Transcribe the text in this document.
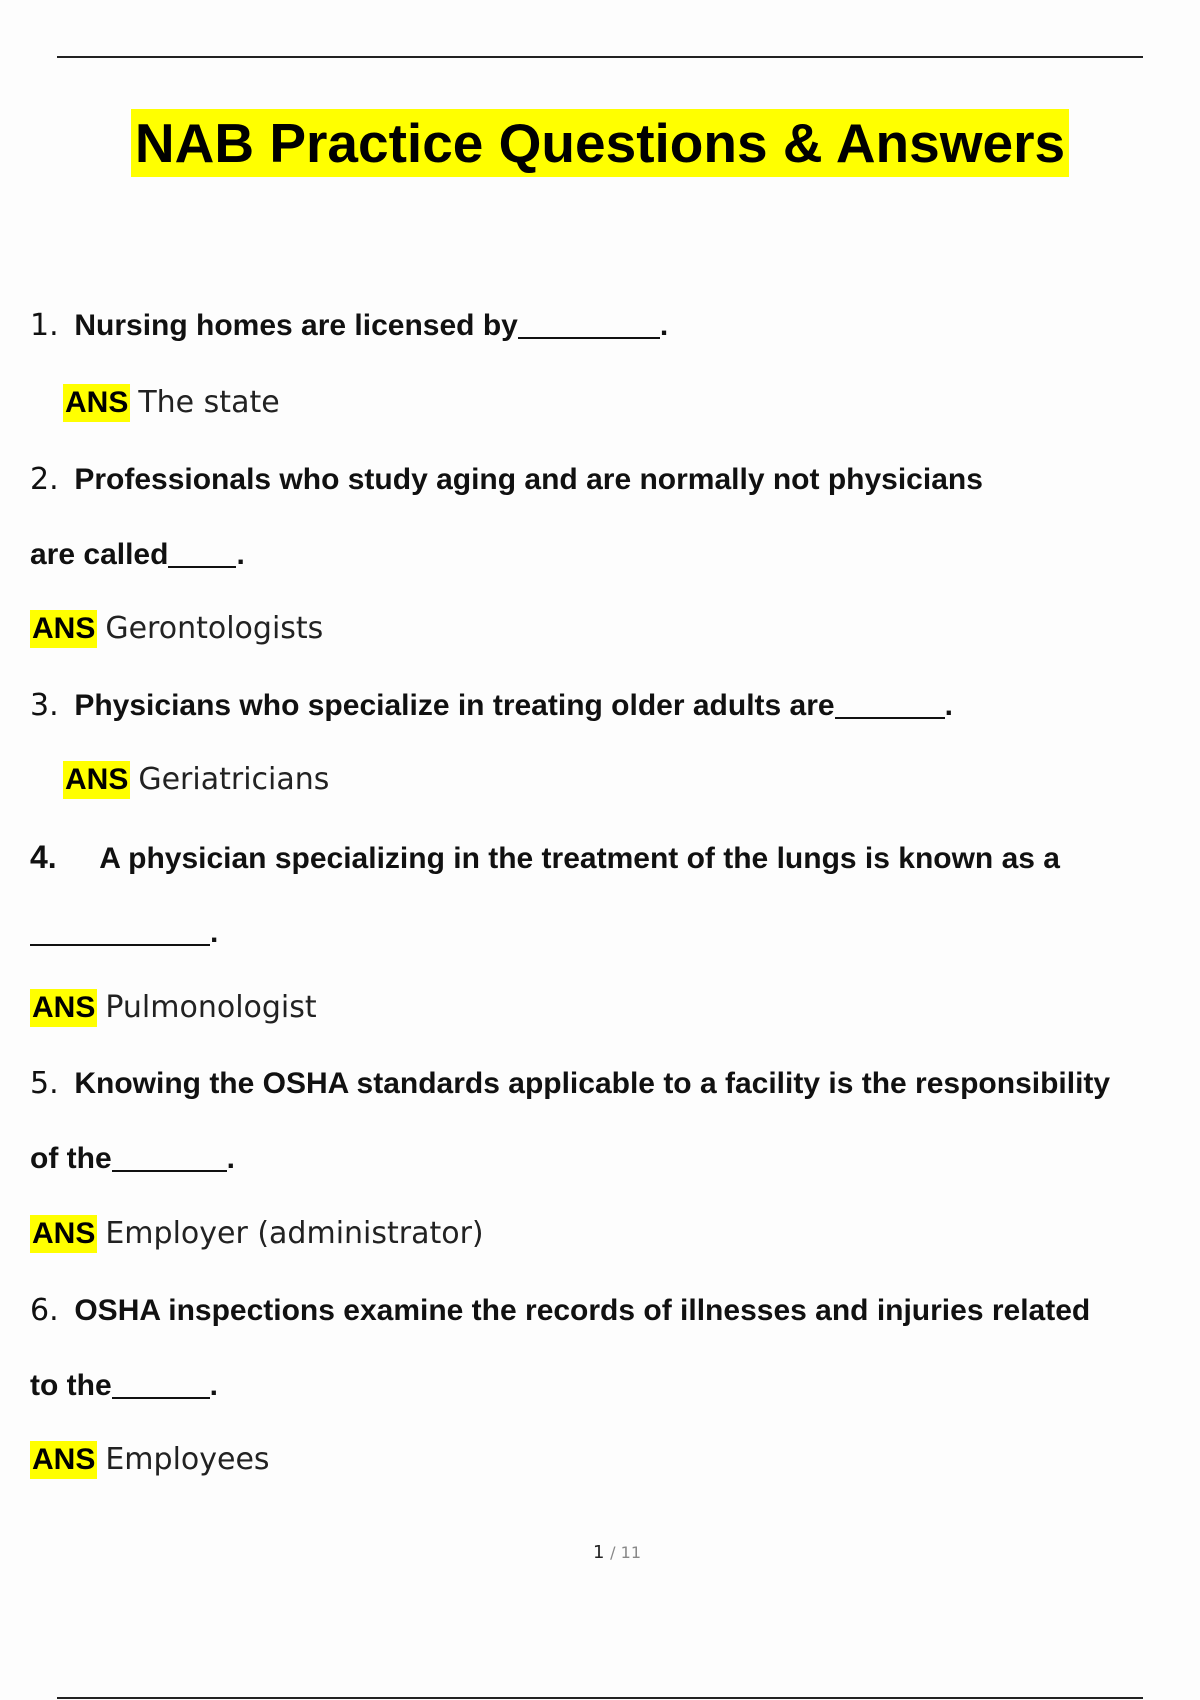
NAB Practice Questions & Answers
1. Nursing homes are licensed by	.
ANS The state
2. Professionals who study aging and are normally not physicians
are called .
ANS Gerontologists
3. Physicians who specialize in treating older adults are	.
ANS Geriatricians
4. A physician specializing in the treatment of the lungs is known as a
.
ANS Pulmonologist
5. Knowing the OSHA standards applicable to a facility is the responsibility
of the	.
ANS Employer (administrator)
6. OSHA inspections examine the records of illnesses and injuries related
to the	.
ANS Employees
1 / 11
